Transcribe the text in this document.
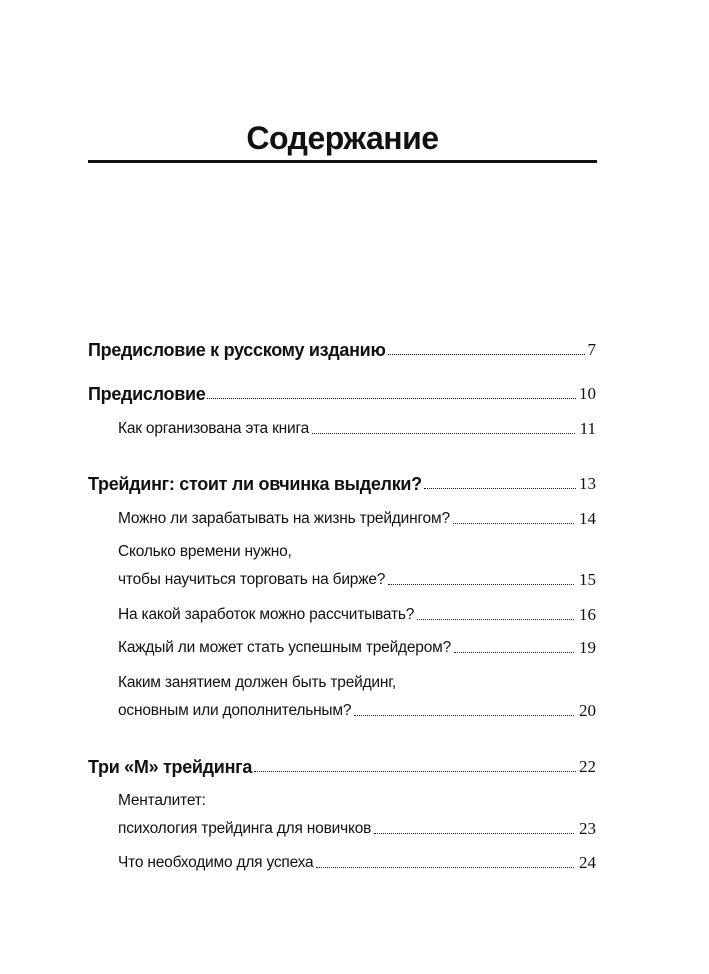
Содержание
Предисловие к русскому изданию	7
Предисловие	10
Как организована эта книга	11
Трейдинг: стоит ли овчинка выделки?	13
Можно ли зарабатывать на жизнь трейдингом?	14
Сколько времени нужно,
чтобы научиться торговать на бирже?	15
На какой заработок можно рассчитывать?	16
Каждый ли может стать успешным трейдером?	19
Каким занятием должен быть трейдинг,
основным или дополнительным?	20
Три «М» трейдинга	22
Менталитет:
психология трейдинга для новичков	23
Что необходимо для успеха	24
